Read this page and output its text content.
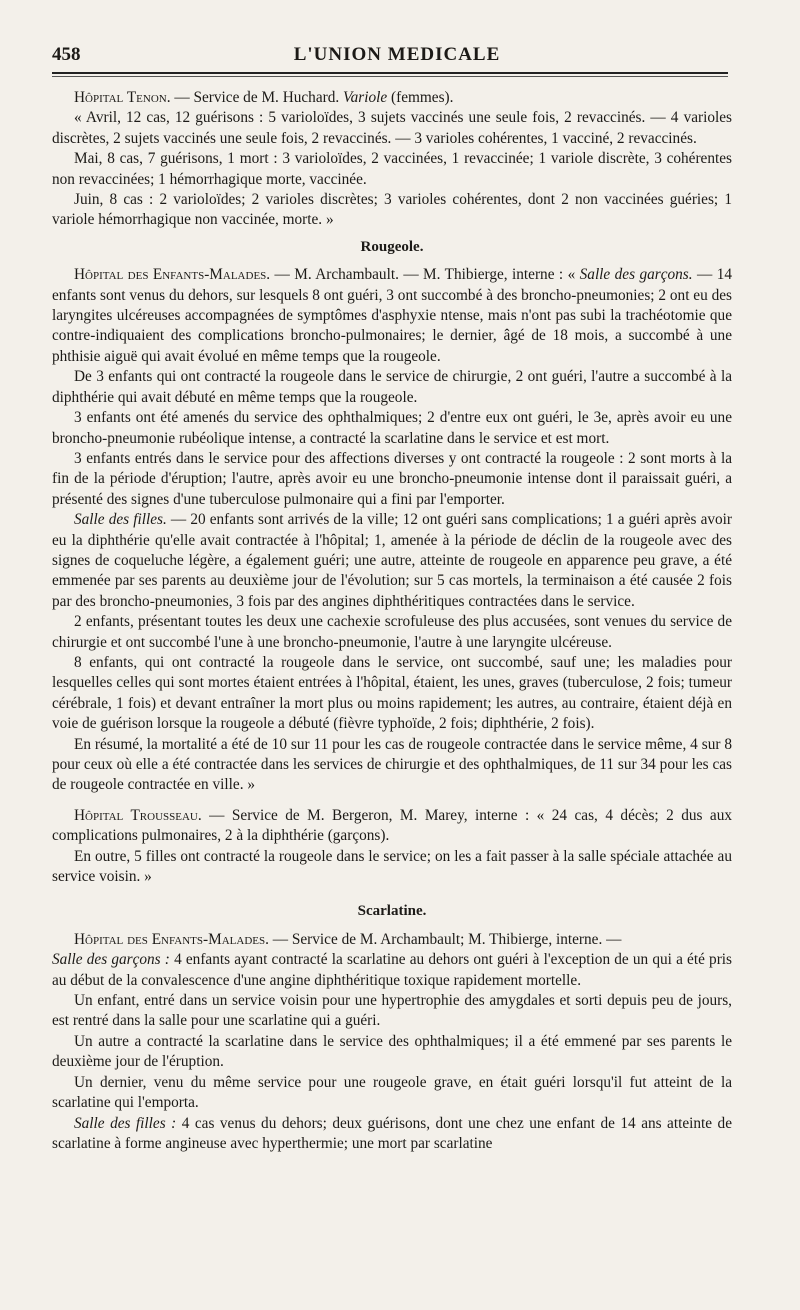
458	L'UNION MEDICALE

Hôpital Tenon. — Service de M. Huchard. Variole (femmes).

« Avril, 12 cas, 12 guérisons : 5 varioloïdes, 3 sujets vaccinés une seule fois, 2 revaccinés. — 4 varioles discrètes, 2 sujets vaccinés une seule fois, 2 revaccinés. — 3 varioles cohérentes, 1 vacciné, 2 revaccinés.

Mai, 8 cas, 7 guérisons, 1 mort : 3 varioloïdes, 2 vaccinées, 1 revaccinée; 1 variole discrète, 3 cohérentes non revaccinées; 1 hémorrhagique morte, vaccinée.

Juin, 8 cas : 2 varioloïdes; 2 varioles discrètes; 3 varioles cohérentes, dont 2 non vaccinées guéries; 1 variole hémorrhagique non vaccinée, morte. »

Rougeole.

Hôpital des Enfants-Malades. — M. Archambault. — M. Thibierge, interne : « Salle des garçons. — 14 enfants sont venus du dehors, sur lesquels 8 ont guéri, 3 ont succombé à des broncho-pneumonies; 2 ont eu des laryngites ulcéreuses accompagnées de symptômes d'asphyxie ntense, mais n'ont pas subi la trachéotomie que contre-indiquaient des complications broncho-pulmonaires; le dernier, âgé de 18 mois, a succombé à une phthisie aiguë qui avait évolué en même temps que la rougeole.

De 3 enfants qui ont contracté la rougeole dans le service de chirurgie, 2 ont guéri, l'autre a succombé à la diphthérie qui avait débuté en même temps que la rougeole.

3 enfants ont été amenés du service des ophthalmiques; 2 d'entre eux ont guéri, le 3e, après avoir eu une broncho-pneumonie rubéolique intense, a contracté la scarlatine dans le service et est mort.

3 enfants entrés dans le service pour des affections diverses y ont contracté la rougeole : 2 sont morts à la fin de la période d'éruption; l'autre, après avoir eu une broncho-pneumonie intense dont il paraissait guéri, a présenté des signes d'une tuberculose pulmonaire qui a fini par l'emporter.

Salle des filles. — 20 enfants sont arrivés de la ville; 12 ont guéri sans complications; 1 a guéri après avoir eu la diphthérie qu'elle avait contractée à l'hôpital; 1, amenée à la période de déclin de la rougeole avec des signes de coqueluche légère, a également guéri; une autre, atteinte de rougeole en apparence peu grave, a été emmenée par ses parents au deuxième jour de l'évolution; sur 5 cas mortels, la terminaison a été causée 2 fois par des broncho-pneumonies, 3 fois par des angines diphthéritiques contractées dans le service.

2 enfants, présentant toutes les deux une cachexie scrofuleuse des plus accusées, sont venues du service de chirurgie et ont succombé l'une à une broncho-pneumonie, l'autre à une laryngite ulcéreuse.

8 enfants, qui ont contracté la rougeole dans le service, ont succombé, sauf une; les maladies pour lesquelles celles qui sont mortes étaient entrées à l'hôpital, étaient, les unes, graves (tuberculose, 2 fois; tumeur cérébrale, 1 fois) et devant entraîner la mort plus ou moins rapidement; les autres, au contraire, étaient déjà en voie de guérison lorsque la rougeole a débuté (fièvre typhoïde, 2 fois; diphthérie, 2 fois).

En résumé, la mortalité a été de 10 sur 11 pour les cas de rougeole contractée dans le service même, 4 sur 8 pour ceux où elle a été contractée dans les services de chirurgie et des ophthalmiques, de 11 sur 34 pour les cas de rougeole contractée en ville. »

Hôpital Trousseau. — Service de M. Bergeron, M. Marey, interne : « 24 cas, 4 décès; 2 dus aux complications pulmonaires, 2 à la diphthérie (garçons).

En outre, 5 filles ont contracté la rougeole dans le service; on les a fait passer à la salle spéciale attachée au service voisin. »

Scarlatine.

Hôpital des Enfants-Malades. — Service de M. Archambault; M. Thibierge, interne. —

Salle des garçons : 4 enfants ayant contracté la scarlatine au dehors ont guéri à l'exception de un qui a été pris au début de la convalescence d'une angine diphthéritique toxique rapidement mortelle.

Un enfant, entré dans un service voisin pour une hypertrophie des amygdales et sorti depuis peu de jours, est rentré dans la salle pour une scarlatine qui a guéri.

Un autre a contracté la scarlatine dans le service des ophthalmiques; il a été emmené par ses parents le deuxième jour de l'éruption.

Un dernier, venu du même service pour une rougeole grave, en était guéri lorsqu'il fut atteint de la scarlatine qui l'emporta.

Salle des filles : 4 cas venus du dehors; deux guérisons, dont une chez une enfant de 14 ans atteinte de scarlatine à forme angineuse avec hyperthermie; une mort par scarlatine
